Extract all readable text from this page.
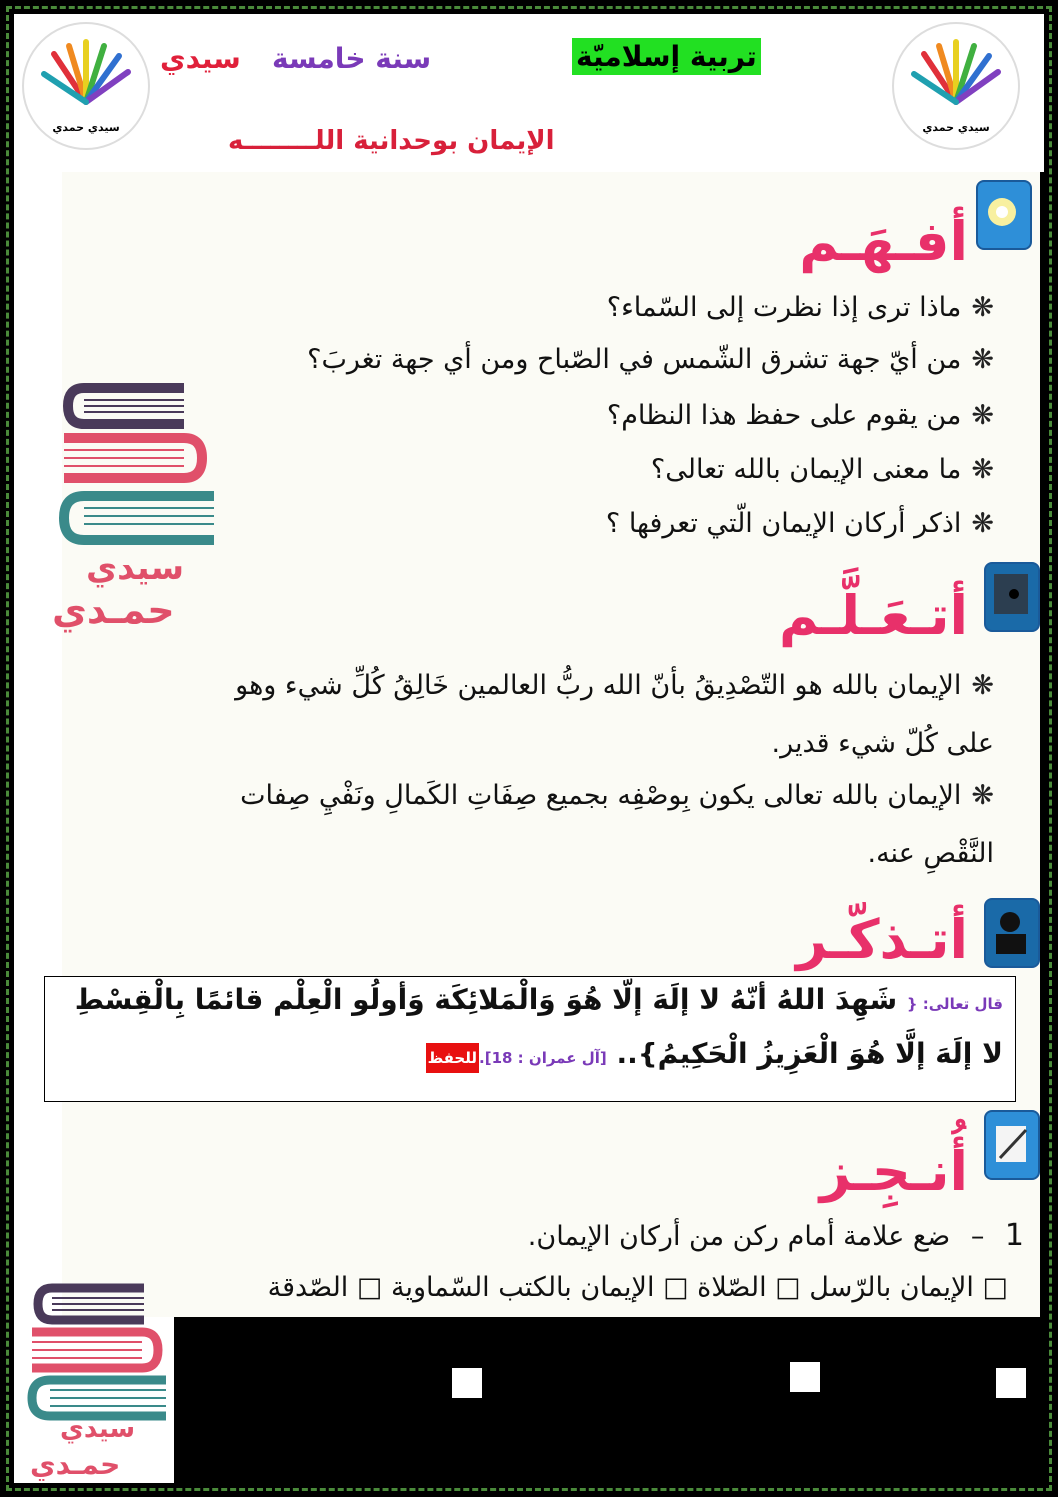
سيدي حمدي	سيدي حمدي
تربية إسلاميّة
سنة خامسة
سيدي
الإيمان بوحدانية اللــــــــه
أفـهَـم
❋ماذا ترى إذا نظرت إلى السّماء؟
❋من أيّ جهة تشرق الشّمس في الصّباح ومن أي جهة تغربَ؟
❋من يقوم على حفظ هذا النظام؟
❋ما معنى الإيمان بالله تعالى؟
❋اذكر أركان الإيمان الّتي تعرفها ؟
أتـعَـلَّـم
❋الإيمان بالله هو التّصْدِيقُ بأنّ الله ربُّ العالمين خَالِقُ كُلِّ شيء وهو
على كُلّ شيء قدير.
❋الإيمان بالله تعالى يكون بِوصْفِه بجميع صِفَاتِ الكَمالِ ونَفْيِ صِفات
النَّقْصِ عنه.
أتـذكّـر
قال تعالى: { شَهِدَ اللهُ أنّهُ لا إلَهَ إلّا هُوَ وَالْمَلائِكَة وَأولُو الْعِلْم قائمًا بِالْقِسْطِ
لا إلَهَ إلَّا هُوَ الْعَزِيزُ الْحَكِيمُ}.. [آل عمران : 18].للحفظ
أُنـجِـز
1 – ضع علامة أمام ركن من أركان الإيمان.
□ الإيمان بالرّسل □ الصّلاة □ الإيمان بالكتب السّماوية □ الصّدقة
سيدي
حمـدي
سيدي
حمـدي
